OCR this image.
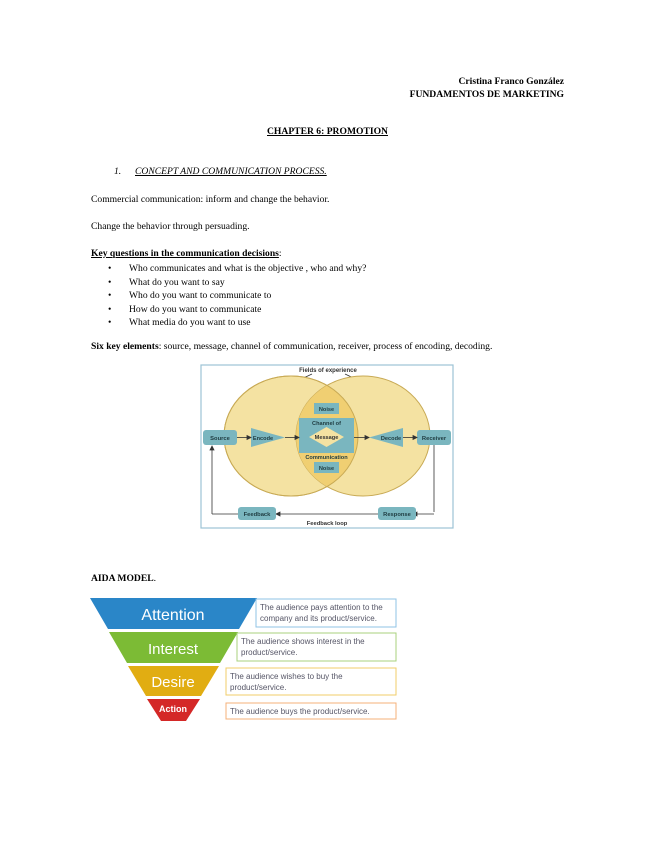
Cristina Franco González
FUNDAMENTOS DE MARKETING
CHAPTER 6: PROMOTION
1. CONCEPT AND COMMUNICATION PROCESS.
Commercial communication: inform and change the behavior.
Change the behavior through persuading.
Key questions in the communication decisions:
• Who communicates and what is the objective , who and why?
• What do you want to say
• Who do you want to communicate to
• How do you want to communicate
• What media do you want to use
Six key elements: source, message, channel of communication, receiver, process of encoding, decoding.
Fields of experience
Channel of
Communication
Message
Noise
Noise
Source	Receiver
Encode	Decode
Feedback	Response
Feedback loop
AIDA MODEL.
Attention
Interest
Desire
Action
The audience pays attention to the
company and its product/service.
The audience shows interest in the
product/service.
The audience wishes to buy the
product/service.
The audience buys the product/service.
